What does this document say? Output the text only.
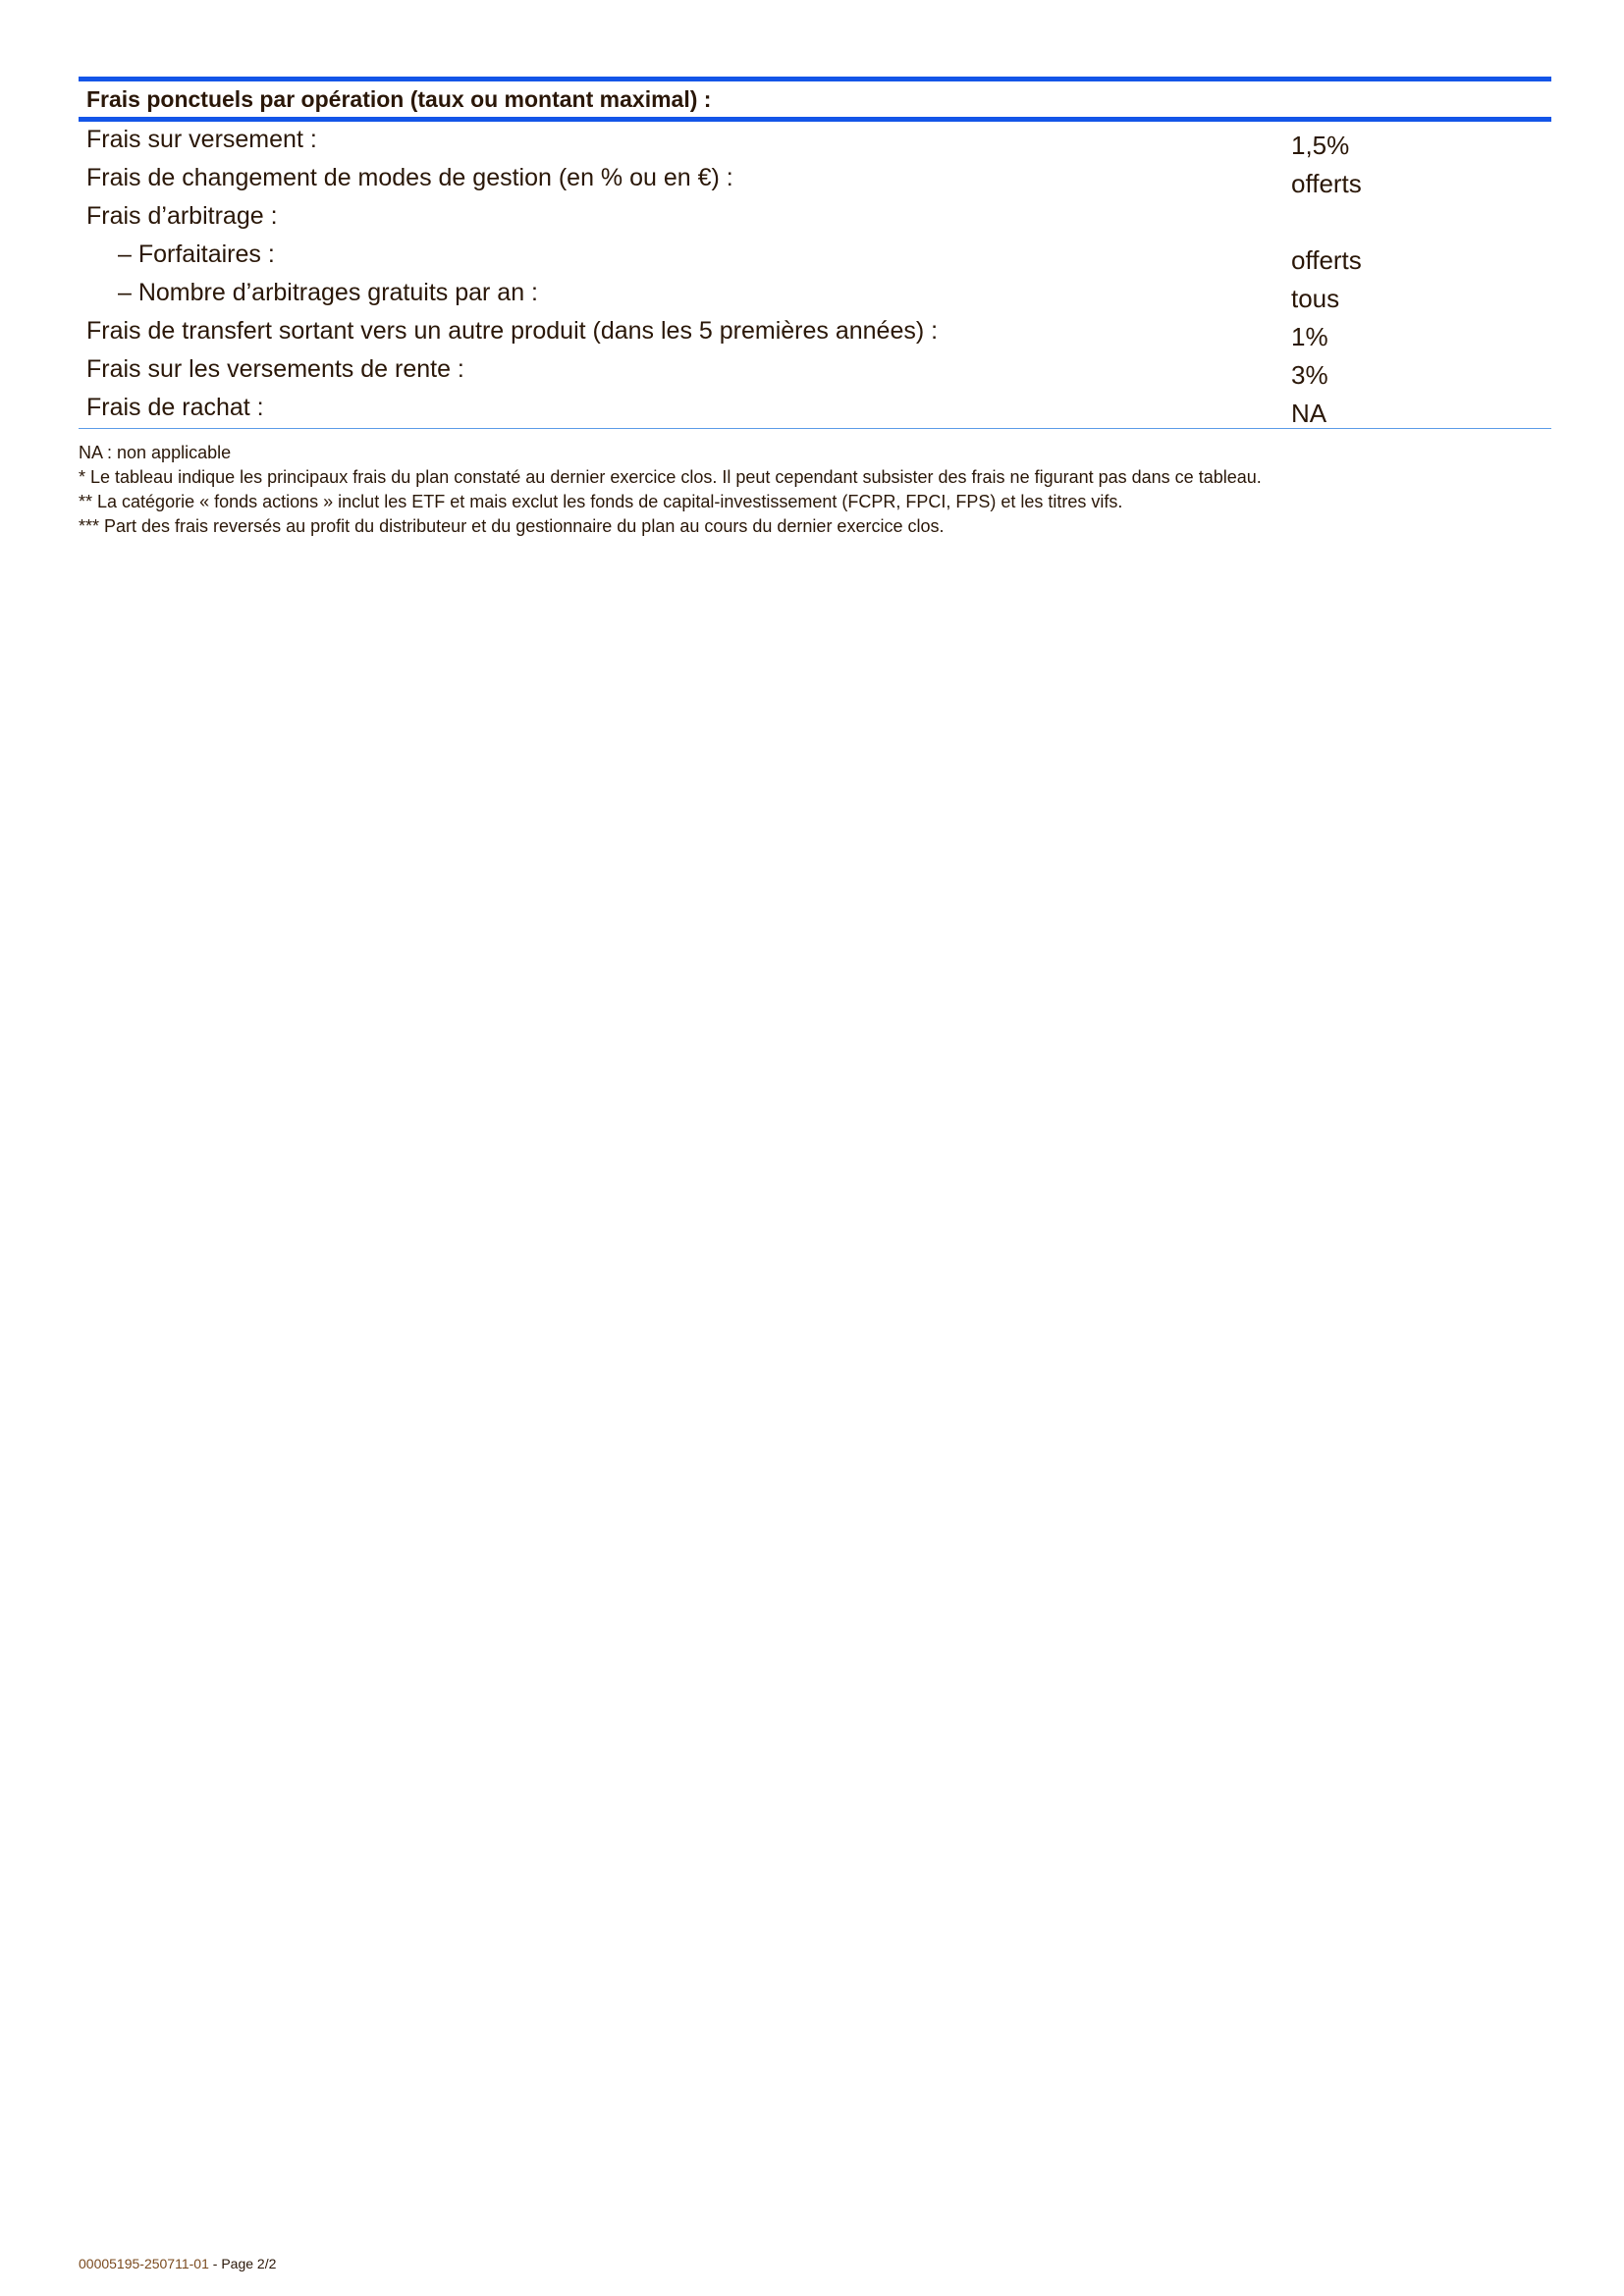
Frais ponctuels par opération (taux ou montant maximal) :
Frais sur versement :	1,5%
Frais de changement de modes de gestion (en % ou en €) :	offerts
Frais d’arbitrage :
– Forfaitaires :	offerts
– Nombre d’arbitrages gratuits par an :	tous
Frais de transfert sortant vers un autre produit (dans les 5 premières années) :	1%
Frais sur les versements de rente :	3%
Frais de rachat :	NA
NA : non applicable
* Le tableau indique les principaux frais du plan constaté au dernier exercice clos. Il peut cependant subsister des frais ne figurant pas dans ce tableau.
** La catégorie « fonds actions » inclut les ETF et mais exclut les fonds de capital-investissement (FCPR, FPCI, FPS) et les titres vifs.
*** Part des frais reversés au profit du distributeur et du gestionnaire du plan au cours du dernier exercice clos.
00005195-250711-01 - Page 2/2
